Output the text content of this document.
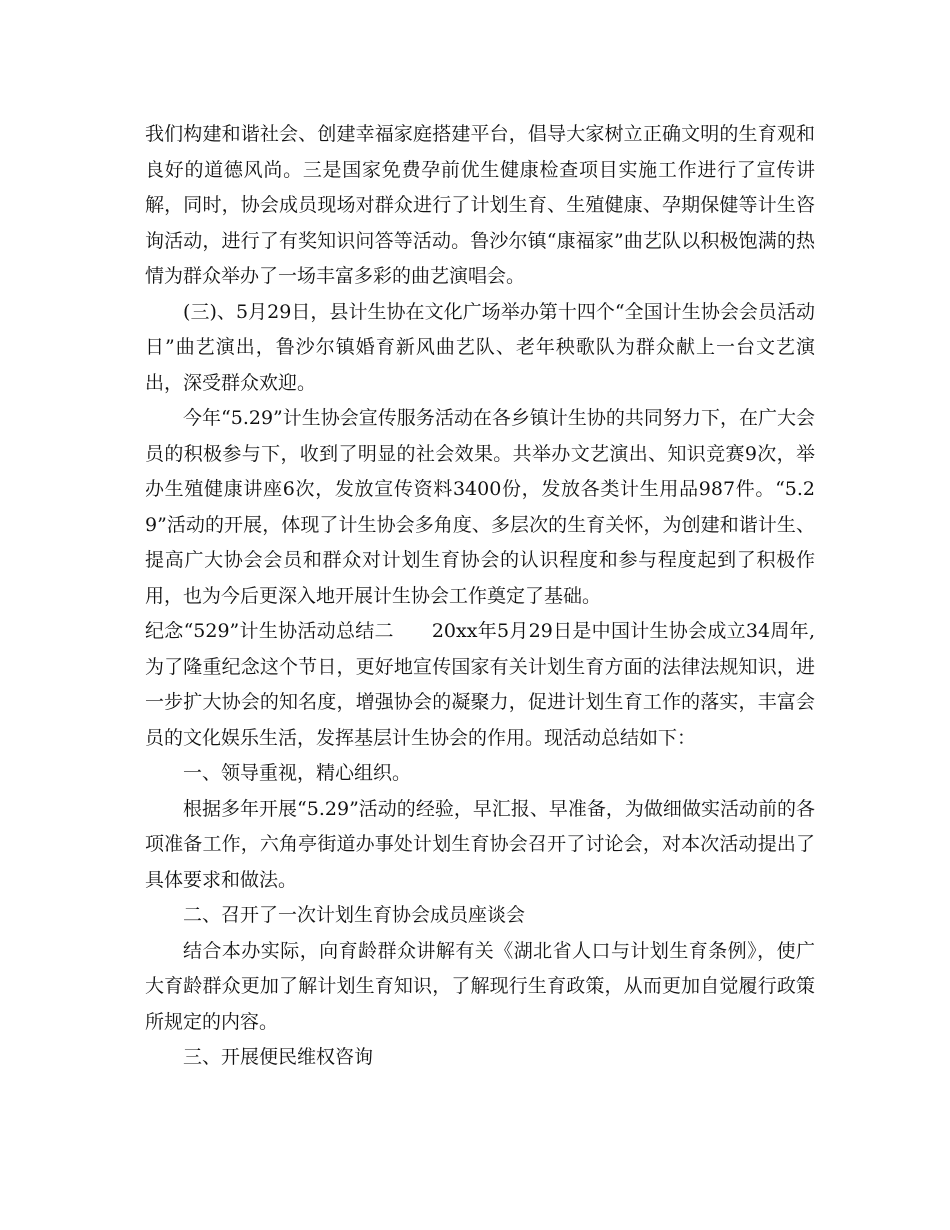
我们构建和谐社会、创建幸福家庭搭建平台，倡导大家树立正确文明的生育观和良好的道德风尚。三是国家免费孕前优生健康检查项目实施工作进行了宣传讲解，同时，协会成员现场对群众进行了计划生育、生殖健康、孕期保健等计生咨询活动，进行了有奖知识问答等活动。鲁沙尔镇“康福家”曲艺队以积极饱满的热情为群众举办了一场丰富多彩的曲艺演唱会。

(三)、5月29日，县计生协在文化广场举办第十四个“全国计生协会会员活动日”曲艺演出，鲁沙尔镇婚育新风曲艺队、老年秧歌队为群众献上一台文艺演出，深受群众欢迎。

今年“5.29”计生协会宣传服务活动在各乡镇计生协的共同努力下，在广大会员的积极参与下，收到了明显的社会效果。共举办文艺演出、知识竞赛9次，举办生殖健康讲座6次，发放宣传资料3400份，发放各类计生用品987件。“5.29”活动的开展，体现了计生协会多角度、多层次的生育关怀，为创建和谐计生、提高广大协会会员和群众对计划生育协会的认识程度和参与程度起到了积极作用，也为今后更深入地开展计生协会工作奠定了基础。

纪念“529”计生协活动总结二 20xx年5月29日是中国计生协会成立34周年,为了隆重纪念这个节日，更好地宣传国家有关计划生育方面的法律法规知识，进一步扩大协会的知名度，增强协会的凝聚力，促进计划生育工作的落实，丰富会员的文化娱乐生活，发挥基层计生协会的作用。现活动总结如下：

一、领导重视，精心组织。

根据多年开展“5.29”活动的经验，早汇报、早准备，为做细做实活动前的各项准备工作，六角亭街道办事处计划生育协会召开了讨论会，对本次活动提出了具体要求和做法。

二、召开了一次计划生育协会成员座谈会

结合本办实际，向育龄群众讲解有关《湖北省人口与计划生育条例》，使广大育龄群众更加了解计划生育知识，了解现行生育政策，从而更加自觉履行政策所规定的内容。

三、开展便民维权咨询
